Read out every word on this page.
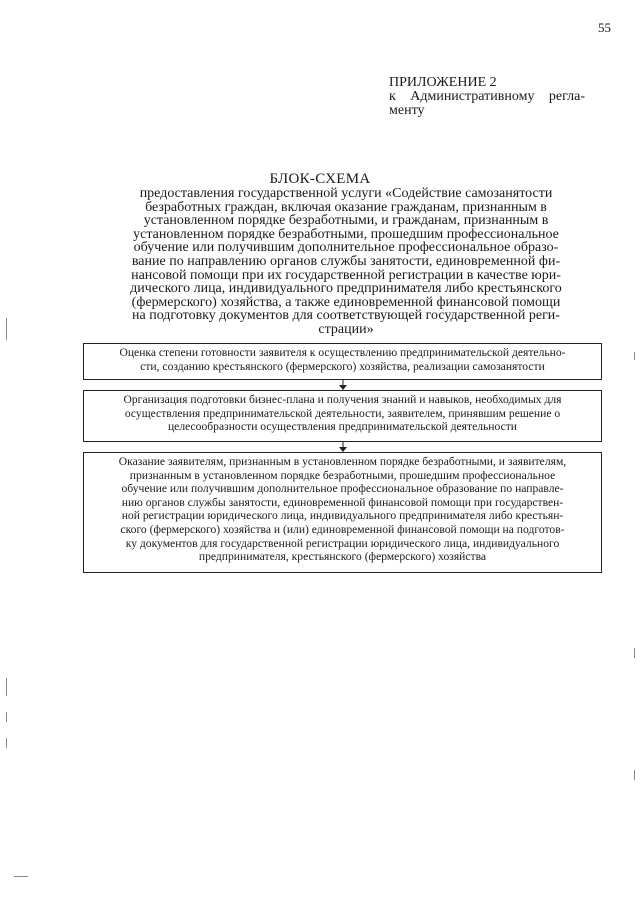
55
ПРИЛОЖЕНИЕ 2
к Административному регла-
менту
БЛОК-СХЕМА
предоставления государственной услуги «Содействие самозанятости
безработных граждан, включая оказание гражданам, признанным в
установленном порядке безработными, и гражданам, признанным в
установленном порядке безработными, прошедшим профессиональное
обучение или получившим дополнительное профессиональное образо-
вание по направлению органов службы занятости, единовременной фи-
нансовой помощи при их государственной регистрации в качестве юри-
дического лица, индивидуального предпринимателя либо крестьянского
(фермерского) хозяйства, а также единовременной финансовой помощи
на подготовку документов для соответствующей государственной реги-
страции»
Оценка степени готовности заявителя к осуществлению предпринимательской деятельно-
сти, созданию крестьянского (фермерского) хозяйства, реализации самозанятости
Организация подготовки бизнес-плана и получения знаний и навыков, необходимых для
осуществления предпринимательской деятельности, заявителем, принявшим решение о
целесообразности осуществления предпринимательской деятельности
Оказание заявителям, признанным в установленном порядке безработными, и заявителям,
признанным в установленном порядке безработными, прошедшим профессиональное
обучение или получившим дополнительное профессиональное образование по направле-
нию органов службы занятости, единовременной финансовой помощи при государствен-
ной регистрации юридического лица, индивидуального предпринимателя либо крестьян-
ского (фермерского) хозяйства и (или) единовременной финансовой помощи на подготов-
ку документов для государственной регистрации юридического лица, индивидуального
предпринимателя, крестьянского (фермерского) хозяйства
